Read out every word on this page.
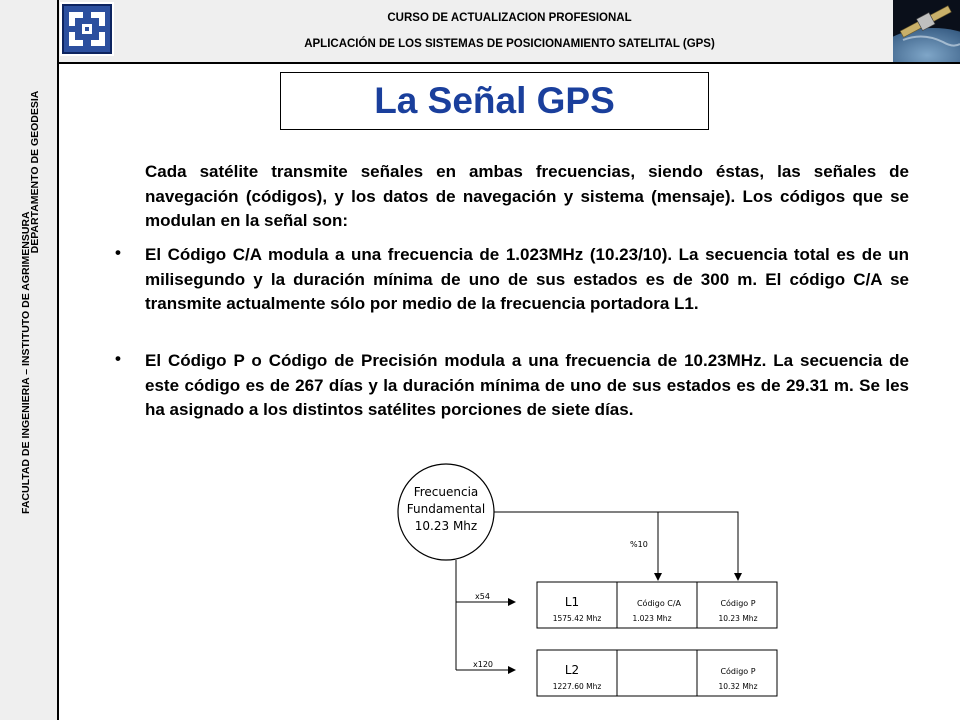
FACULTAD DE INGENIERIA – INSTITUTO DE AGRIMENSURA
DEPARTAMENTO DE GEODESIA
CURSO DE ACTUALIZACION PROFESIONAL
APLICACIÓN DE LOS SISTEMAS DE POSICIONAMIENTO SATELITAL (GPS)
La Señal GPS
Cada satélite transmite señales en ambas frecuencias, siendo éstas, las señales de navegación (códigos), y los datos de navegación y sistema (mensaje). Los códigos que se modulan en la señal son:
• El Código C/A modula a una frecuencia de 1.023MHz (10.23/10). La secuencia total es de un milisegundo y la duración mínima de uno de sus estados es de 300 m. El código C/A se transmite actualmente sólo por medio de la frecuencia portadora L1.
• El Código P o Código de Precisión modula a una frecuencia de 10.23MHz. La secuencia de este código es de 267 días y la duración mínima de uno de sus estados es de 29.31 m. Se les ha asignado a los distintos satélites porciones de siete días.
Frecuencia
Fundamental
10.23 Mhz
%10
x54
x120
L1
1575.42 Mhz
Código C/A
1.023 Mhz
Código P
10.23 Mhz
L2
1227.60 Mhz
Código P
10.32 Mhz
